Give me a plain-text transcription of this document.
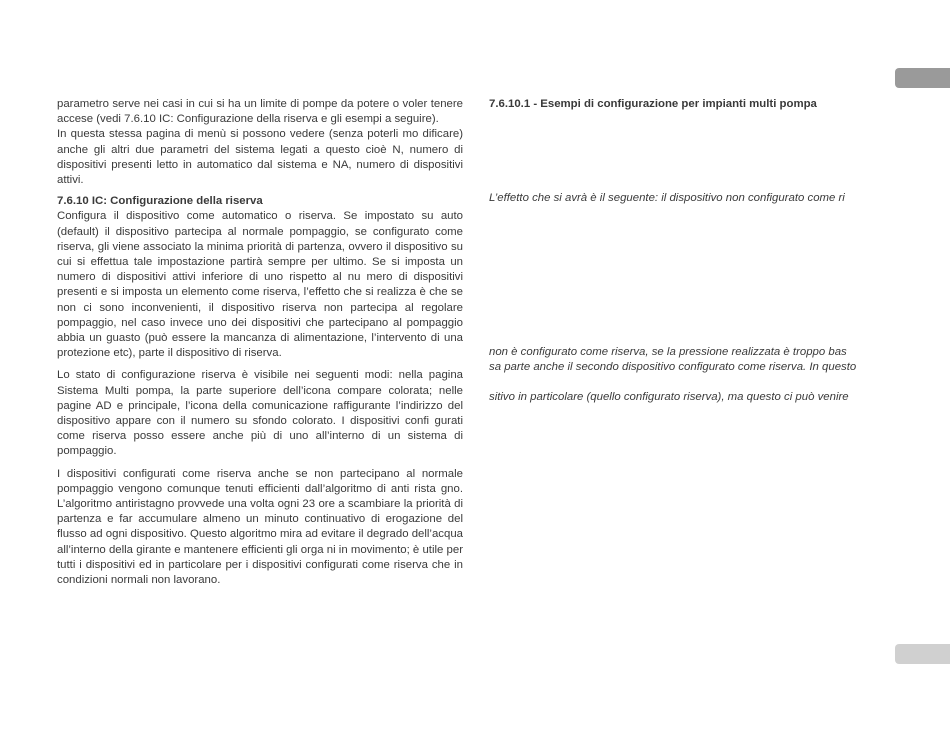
parametro serve nei casi in cui si ha un limite di pompe da potere o voler tenere accese (vedi 7.6.10 IC: Configurazione della riserva e gli esempi a seguire).

In questa stessa pagina di menù si possono vedere (senza poterli mo dificare) anche gli altri due parametri del sistema legati a questo cioè N, numero di dispositivi presenti letto in automatico dal sistema e NA, numero di dispositivi attivi.

7.6.10 IC: Configurazione della riserva

Configura il dispositivo come automatico o riserva. Se impostato su auto (default) il dispositivo partecipa al normale pompaggio, se configurato come riserva, gli viene associato la minima priorità di partenza, ovvero il dispositivo su cui si effettua tale impostazione partirà sempre per ultimo. Se si imposta un numero di dispositivi attivi inferiore di uno rispetto al nu mero di dispositivi presenti e si imposta un elemento come riserva, l’effetto che si realizza è che se non ci sono inconvenienti, il dispositivo riserva non partecipa al regolare pompaggio, nel caso invece uno dei dispositivi che partecipano al pompaggio abbia un guasto (può essere la mancanza di alimentazione, l’intervento di una protezione etc), parte il dispositivo di riserva.

Lo stato di configurazione riserva è visibile nei seguenti modi: nella pagina Sistema Multi pompa, la parte superiore dell’icona compare colorata; nelle pagine AD e principale, l’icona della comunicazione raffigurante l’indirizzo del dispositivo appare con il numero su sfondo colorato. I dispositivi confi gurati come riserva posso essere anche più di uno all’interno di un sistema di pompaggio.

I dispositivi configurati come riserva anche se non partecipano al normale pompaggio vengono comunque tenuti efficienti dall’algoritmo di anti rista gno. L’algoritmo antiristagno provvede una volta ogni 23 ore a scambiare la priorità di partenza e far accumulare almeno un minuto continuativo di erogazione del flusso ad ogni dispositivo. Questo algoritmo mira ad evitare il degrado dell’acqua all’interno della girante e mantenere efficienti gli orga ni in movimento; è utile per tutti i dispositivi ed in particolare per i dispositivi configurati come riserva che in condizioni normali non lavorano.

7.6.10.1 - Esempi di configurazione per impianti multi pompa

L’effetto che si avrà è il seguente: il dispositivo non configurato come ri

non è configurato come riserva, se la pressione realizzata è troppo bas

sa parte anche il secondo dispositivo configurato come riserva. In questo

sitivo in particolare (quello configurato riserva), ma questo ci può venire
